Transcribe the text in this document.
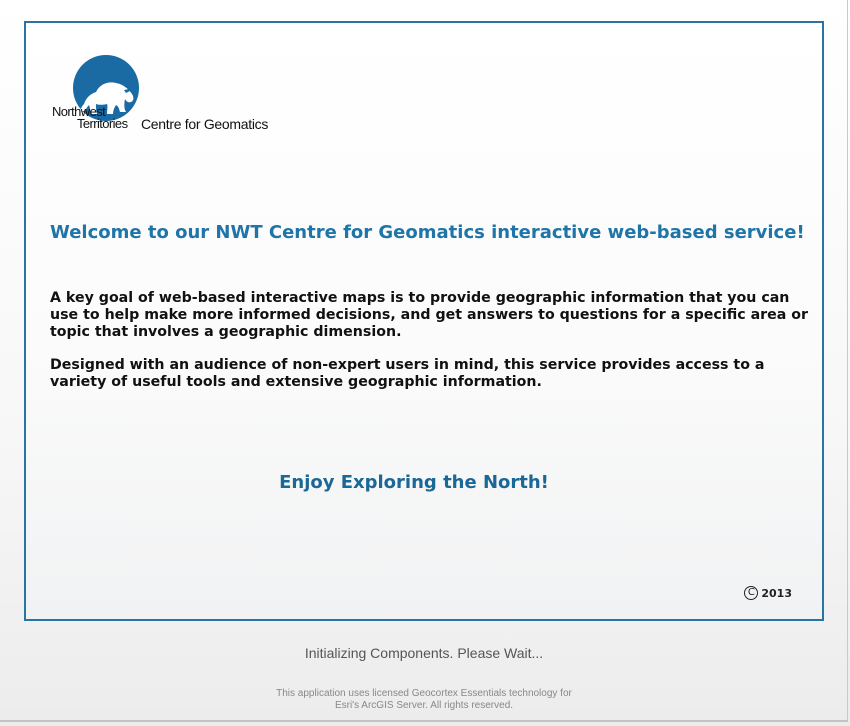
Northwest
Territories Centre for Geomatics
Welcome to our NWT Centre for Geomatics interactive web-based service!

A key goal of web-based interactive maps is to provide geographic information that you can use to help make more informed decisions, and get answers to questions for a specific area or topic that involves a geographic dimension.

Designed with an audience of non-expert users in mind, this service provides access to a variety of useful tools and extensive geographic information.

Enjoy Exploring the North!

C 2013
Initializing Components. Please Wait...
This application uses licensed Geocortex Essentials technology for
Esri's ArcGIS Server. All rights reserved.
